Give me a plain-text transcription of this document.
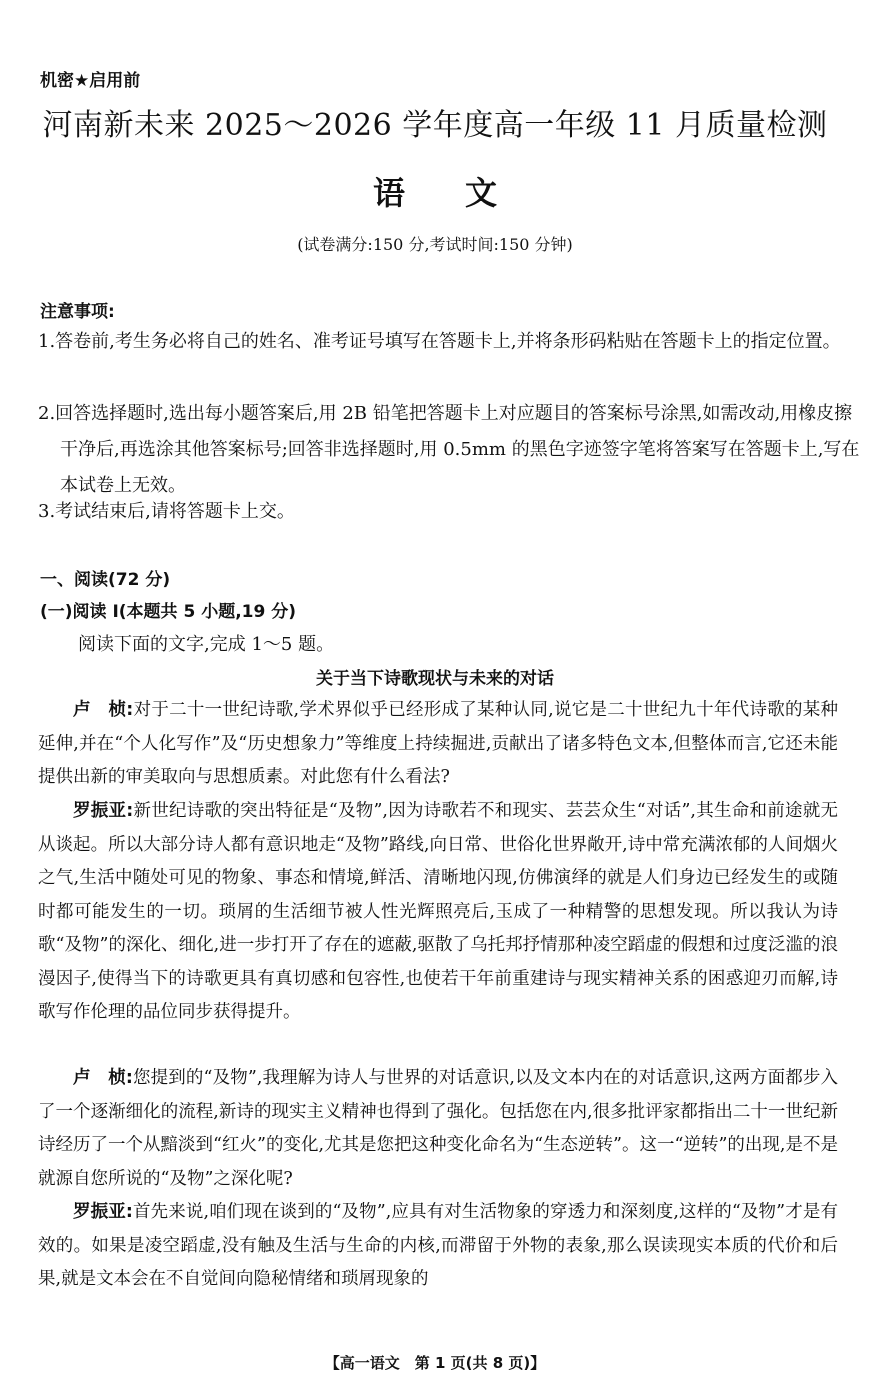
机密★启用前
河南新未来 2025～2026 学年度高一年级 11 月质量检测
语 文
(试卷满分:150 分,考试时间:150 分钟)
注意事项:
1.答卷前,考生务必将自己的姓名、准考证号填写在答题卡上,并将条形码粘贴在答题卡上的指定位置。
2.回答选择题时,选出每小题答案后,用 2B 铅笔把答题卡上对应题目的答案标号涂黑,如需改动,用橡皮擦干净后,再选涂其他答案标号;回答非选择题时,用 0.5mm 的黑色字迹签字笔将答案写在答题卡上,写在本试卷上无效。
3.考试结束后,请将答题卡上交。
一、阅读(72 分)
(一)阅读 I(本题共 5 小题,19 分)
阅读下面的文字,完成 1～5 题。
关于当下诗歌现状与未来的对话
卢　桢:对于二十一世纪诗歌,学术界似乎已经形成了某种认同,说它是二十世纪九十年代诗歌的某种延伸,并在“个人化写作”及“历史想象力”等维度上持续掘进,贡献出了诸多特色文本,但整体而言,它还未能提供出新的审美取向与思想质素。对此您有什么看法?
罗振亚:新世纪诗歌的突出特征是“及物”,因为诗歌若不和现实、芸芸众生“对话”,其生命和前途就无从谈起。所以大部分诗人都有意识地走“及物”路线,向日常、世俗化世界敞开,诗中常充满浓郁的人间烟火之气,生活中随处可见的物象、事态和情境,鲜活、清晰地闪现,仿佛演绎的就是人们身边已经发生的或随时都可能发生的一切。琐屑的生活细节被人性光辉照亮后,玉成了一种精警的思想发现。所以我认为诗歌“及物”的深化、细化,进一步打开了存在的遮蔽,驱散了乌托邦抒情那种凌空蹈虚的假想和过度泛滥的浪漫因子,使得当下的诗歌更具有真切感和包容性,也使若干年前重建诗与现实精神关系的困惑迎刃而解,诗歌写作伦理的品位同步获得提升。
卢　桢:您提到的“及物”,我理解为诗人与世界的对话意识,以及文本内在的对话意识,这两方面都步入了一个逐渐细化的流程,新诗的现实主义精神也得到了强化。包括您在内,很多批评家都指出二十一世纪新诗经历了一个从黯淡到“红火”的变化,尤其是您把这种变化命名为“生态逆转”。这一“逆转”的出现,是不是就源自您所说的“及物”之深化呢?
罗振亚:首先来说,咱们现在谈到的“及物”,应具有对生活物象的穿透力和深刻度,这样的“及物”才是有效的。如果是凌空蹈虚,没有触及生活与生命的内核,而滞留于外物的表象,那么误读现实本质的代价和后果,就是文本会在不自觉间向隐秘情绪和琐屑现象的
【高一语文　第 1 页(共 8 页)】
